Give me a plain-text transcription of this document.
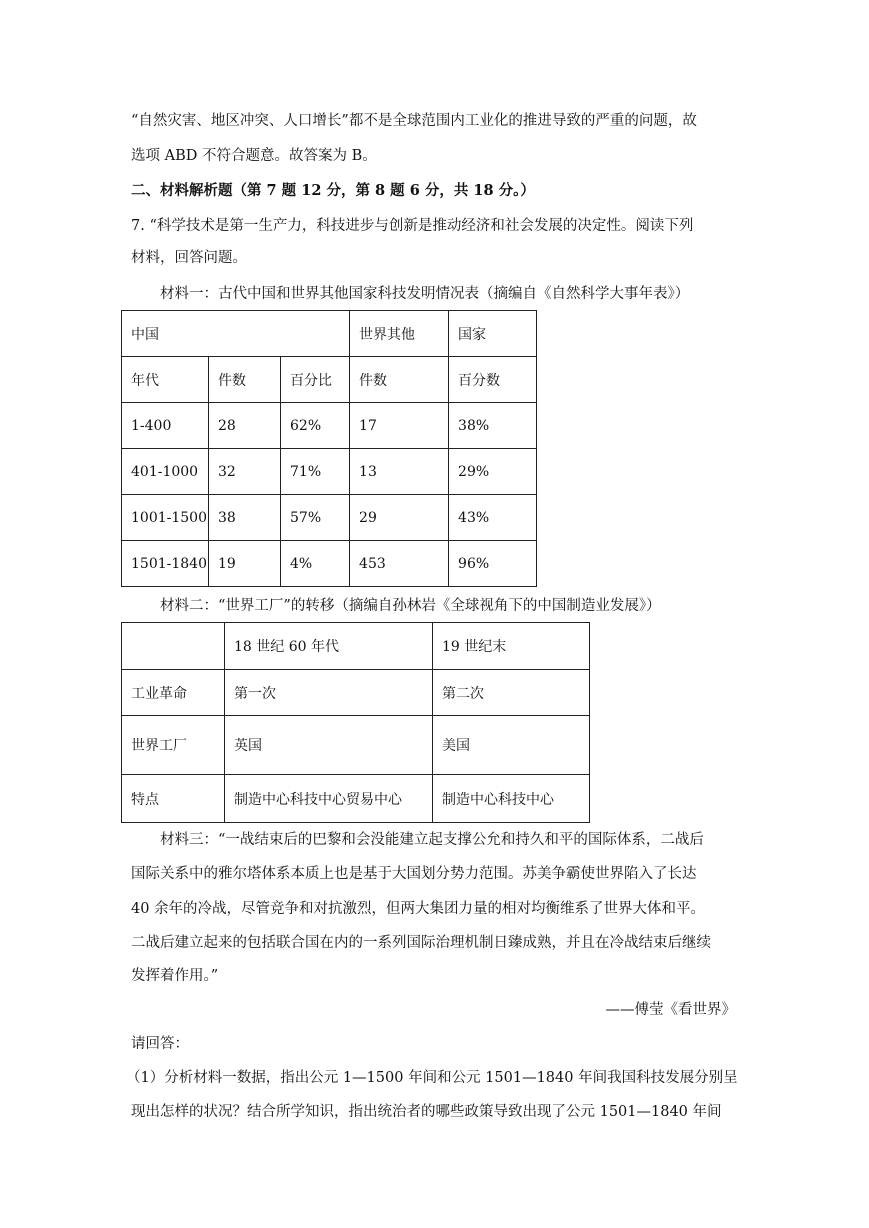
“自然灾害、地区冲突、人口增长”都不是全球范围内工业化的推进导致的严重的问题，故
选项 ABD 不符合题意。故答案为 B。
二、材料解析题（第 7 题 12 分，第 8 题 6 分，共 18 分。）
7. “科学技术是第一生产力，科技进步与创新是推动经济和社会发展的决定性。阅读下列
材料，回答问题。
材料一：古代中国和世界其他国家科技发明情况表（摘编自《自然科学大事年表》）
中国			世界其他	国家
年代	件数	百分比	件数	百分数
1-400	28	62%	17	38%
401-1000	32	71%	13	29%
1001-1500	38	57%	29	43%
1501-1840	19	4%	453	96%
材料二：“世界工厂”的转移（摘编自孙林岩《全球视角下的中国制造业发展》）
	18 世纪 60 年代	19 世纪末
工业革命	第一次	第二次
世界工厂	英国	美国
特点	制造中心科技中心贸易中心	制造中心科技中心
材料三：“一战结束后的巴黎和会没能建立起支撑公允和持久和平的国际体系，二战后
国际关系中的雅尔塔体系本质上也是基于大国划分势力范围。苏美争霸使世界陷入了长达
40 余年的冷战，尽管竞争和对抗激烈，但两大集团力量的相对均衡维系了世界大体和平。
二战后建立起来的包括联合国在内的一系列国际治理机制日臻成熟，并且在冷战结束后继续
发挥着作用。”
——傅莹《看世界》
请回答：
（1）分析材料一数据，指出公元 1—1500 年间和公元 1501—1840 年间我国科技发展分别呈
现出怎样的状况？结合所学知识，指出统治者的哪些政策导致出现了公元 1501—1840 年间
